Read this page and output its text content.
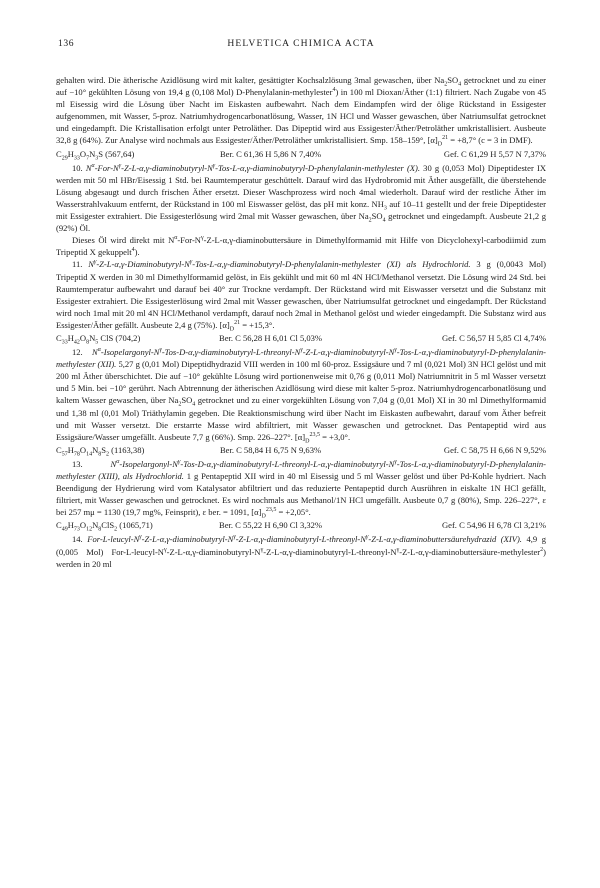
136	HELVETICA CHIMICA ACTA

gehalten wird. Die ätherische Azidlösung wird mit kalter, gesättigter Kochsalzlösung 3mal gewaschen, über $Na_2SO_4$ getrocknet und zu einer auf −10° gekühlten Lösung von 19,4 g (0,108 Mol) D-Phenylalanin-methylester$^4$) in 100 ml Dioxan/Äther (1:1) filtriert. Nach Zugabe von 45 ml Eisessig wird die Lösung über Nacht im Eiskasten aufbewahrt. Nach dem Eindampfen wird der ölige Rückstand in Essigester aufgenommen, mit Wasser, 5-proz. Natriumhydrogencarbonatlösung, Wasser, 1N HCl und Wasser gewaschen, über Natriumsulfat getrocknet und eingedampft. Die Kristallisation erfolgt unter Petroläther. Das Dipeptid wird aus Essigester/Äther/Petroläther umkristallisiert. Ausbeute 32,8 g (64%). Zur Analyse wird nochmals aus Essigester/Äther/Petroläther umkristallisiert. Smp. 158–159°, $[\alpha]_D^{21} = +8,7^\circ$ (c = 3 in DMF).

$C_{29}H_{33}O_7N_3S$ (567,64)	Ber. C 61,36 H 5,86 N 7,40%	Gef. C 61,29 H 5,57 N 7,37%

10. $N^\alpha-For-N^\gamma-Z-L-\alpha,\gamma-diaminobutyryl-N^\gamma-Tos-L-\alpha,\gamma-diaminobutyryl-D-phenylalanin$-methylester (X). 30 g (0,053 Mol) Dipeptidester IX werden mit 50 ml HBr/Eisessig 1 Std. bei Raumtemperatur geschüttelt. Darauf wird das Hydrobromid mit Äther ausgefällt, die überstehende Lösung abgesaugt und durch frischen Äther ersetzt. Dieser Waschprozess wird noch 4mal wiederholt. Darauf wird der restliche Äther im Wasserstrahlvakuum entfernt, der Rückstand in 100 ml Eiswasser gelöst, das pH mit konz. $NH_3$ auf 10–11 gestellt und der freie Dipeptidester mit Essigester extrahiert. Die Essigesterlösung wird 2mal mit Wasser gewaschen, über $Na_2SO_4$ getrocknet und eingedampft. Ausbeute 21,2 g (92%) Öl.

Dieses Öl wird direkt mit $N^\alpha-For-N^\gamma-Z-L-\alpha,\gamma$-diaminobuttersäure in Dimethylformamid mit Hilfe von Dicyclohexyl-carbodiimid zum Tripeptid X gekuppelt$^4$).

11. $N^\gamma-Z-L-\alpha,\gamma-Diaminobutyryl-N^\gamma-Tos-L-\alpha,\gamma-diaminobutyryl-D-phenylalanin$-methylester (XI) als Hydrochlorid. 3 g (0,0043 Mol) Tripeptid X werden in 30 ml Dimethylformamid gelöst, in Eis gekühlt und mit 60 ml 4N HCl/Methanol versetzt. Die Lösung wird 24 Std. bei Raumtemperatur aufbewahrt und darauf bei 40° zur Trockne verdampft. Der Rückstand wird mit Eiswasser versetzt und die Substanz mit Essigester extrahiert. Die Essigesterlösung wird 2mal mit Wasser gewaschen, über Natriumsulfat getrocknet und eingedampft. Der Rückstand wird noch 1mal mit 20 ml 4N HCl/Methanol verdampft, darauf noch 2mal in Methanol gelöst und wieder eingedampft. Die Substanz wird aus Essigester/Äther gefällt. Ausbeute 2,4 g (75%). $[\alpha]_D^{21} = +15,3^\circ$.

$C_{33}H_{42}O_8N_5$ ClS (704,2)	Ber. C 56,28 H 6,01 Cl 5,03%	Gef. C 56,57 H 5,85 Cl 4,74%

12. $N^\alpha-Isopelargonyl-N^\gamma-Tos-D-\alpha,\gamma-diaminobutyryl-L-threonyl-N^\gamma-Z-L-\alpha,\gamma-diaminobutyryl-N^\gamma-Tos-L-\alpha,\gamma-diaminobutyryl-D$-phenylalanin-methylester (XII). 5,27 g (0,01 Mol) Dipeptidhydrazid VIII werden in 100 ml 60-proz. Essigsäure und 7 ml (0,021 Mol) 3N HCl gelöst und mit 200 ml Äther überschichtet. Die auf −10° gekühlte Lösung wird portionenweise mit 0,76 g (0,011 Mol) Natriumnitrit in 5 ml Wasser versetzt und 5 Min. bei −10° gerührt. Nach Abtrennung der ätherischen Azidlösung wird diese mit kalter 5-proz. Natriumhydrogencarbonatlösung und kaltem Wasser gewaschen, über $Na_2SO_4$ getrocknet und zu einer vorgekühlten Lösung von 7,04 g (0,01 Mol) XI in 30 ml Dimethylformamid und 1,38 ml (0,01 Mol) Triäthylamin gegeben. Die Reaktionsmischung wird über Nacht im Eiskasten aufbewahrt, darauf vom Äther befreit und mit Wasser versetzt. Die erstarrte Masse wird abfiltriert, mit Wasser gewaschen und getrocknet. Das Pentapeptid wird aus Essigsäure/Wasser umgefällt. Ausbeute 7,7 g (66%). Smp. 226–227°. $[\alpha]_D^{23,5} = +3,0^\circ$.

$C_{57}H_{78}O_{14}N_8S_2$ (1163,38)	Ber. C 58,84 H 6,75 N 9,63%	Gef. C 58,75 H 6,66 N 9,52%

13. $N^\alpha-Isopelargonyl-N^\gamma-Tos-D-\alpha,\gamma-diaminobutyryl-L-threonyl-L-\alpha,\gamma-diaminobutyryl-N^\gamma-Tos-L-\alpha,\gamma-diaminobutyryl-D-phenylalanin-$methylester (XIII), als Hydrochlorid. 1 g Pentapeptid XII wird in 40 ml Eisessig und 5 ml Wasser gelöst und über Pd-Kohle hydriert. Nach Beendigung der Hydrierung wird vom Katalysator abfiltriert und das reduzierte Pentapeptid durch Ausrühren in eiskalte 1N HCl gefällt, filtriert, mit Wasser gewaschen und getrocknet. Es wird nochmals aus Methanol/1N HCl umgefällt. Ausbeute 0,7 g (80%), Smp. 226–227°, ε bei 257 mμ = 1130 (19,7 mg%, Feinsprit), ε ber. = 1091, $[\alpha]_D^{23,5} = +2,05^\circ$.

$C_{49}H_{73}O_{12}N_8ClS_2$ (1065,71)	Ber. C 55,22 H 6,90 Cl 3,32%	Gef. C 54,96 H 6,78 Cl 3,21%

14. For-$L-leucyl-N^\gamma-Z-L-\alpha,\gamma-diaminobutyryl-N^\gamma-Z-L-\alpha,\gamma-diaminobutyryl-L-threonyl-N^\gamma-Z-L-\alpha,\gamma$-diaminobuttersäurehydrazid (XIV). 4,9 g (0,005 Mol) For-$L-leucyl-N^\gamma-Z-L-\alpha,\gamma-diaminobutyryl-N^\gamma-Z-L-\alpha,\gamma-diaminobutyryl-L-threonyl-N^\gamma-Z-L-\alpha,\gamma-diaminobuttersäure-methylester^2$) werden in 20 ml
